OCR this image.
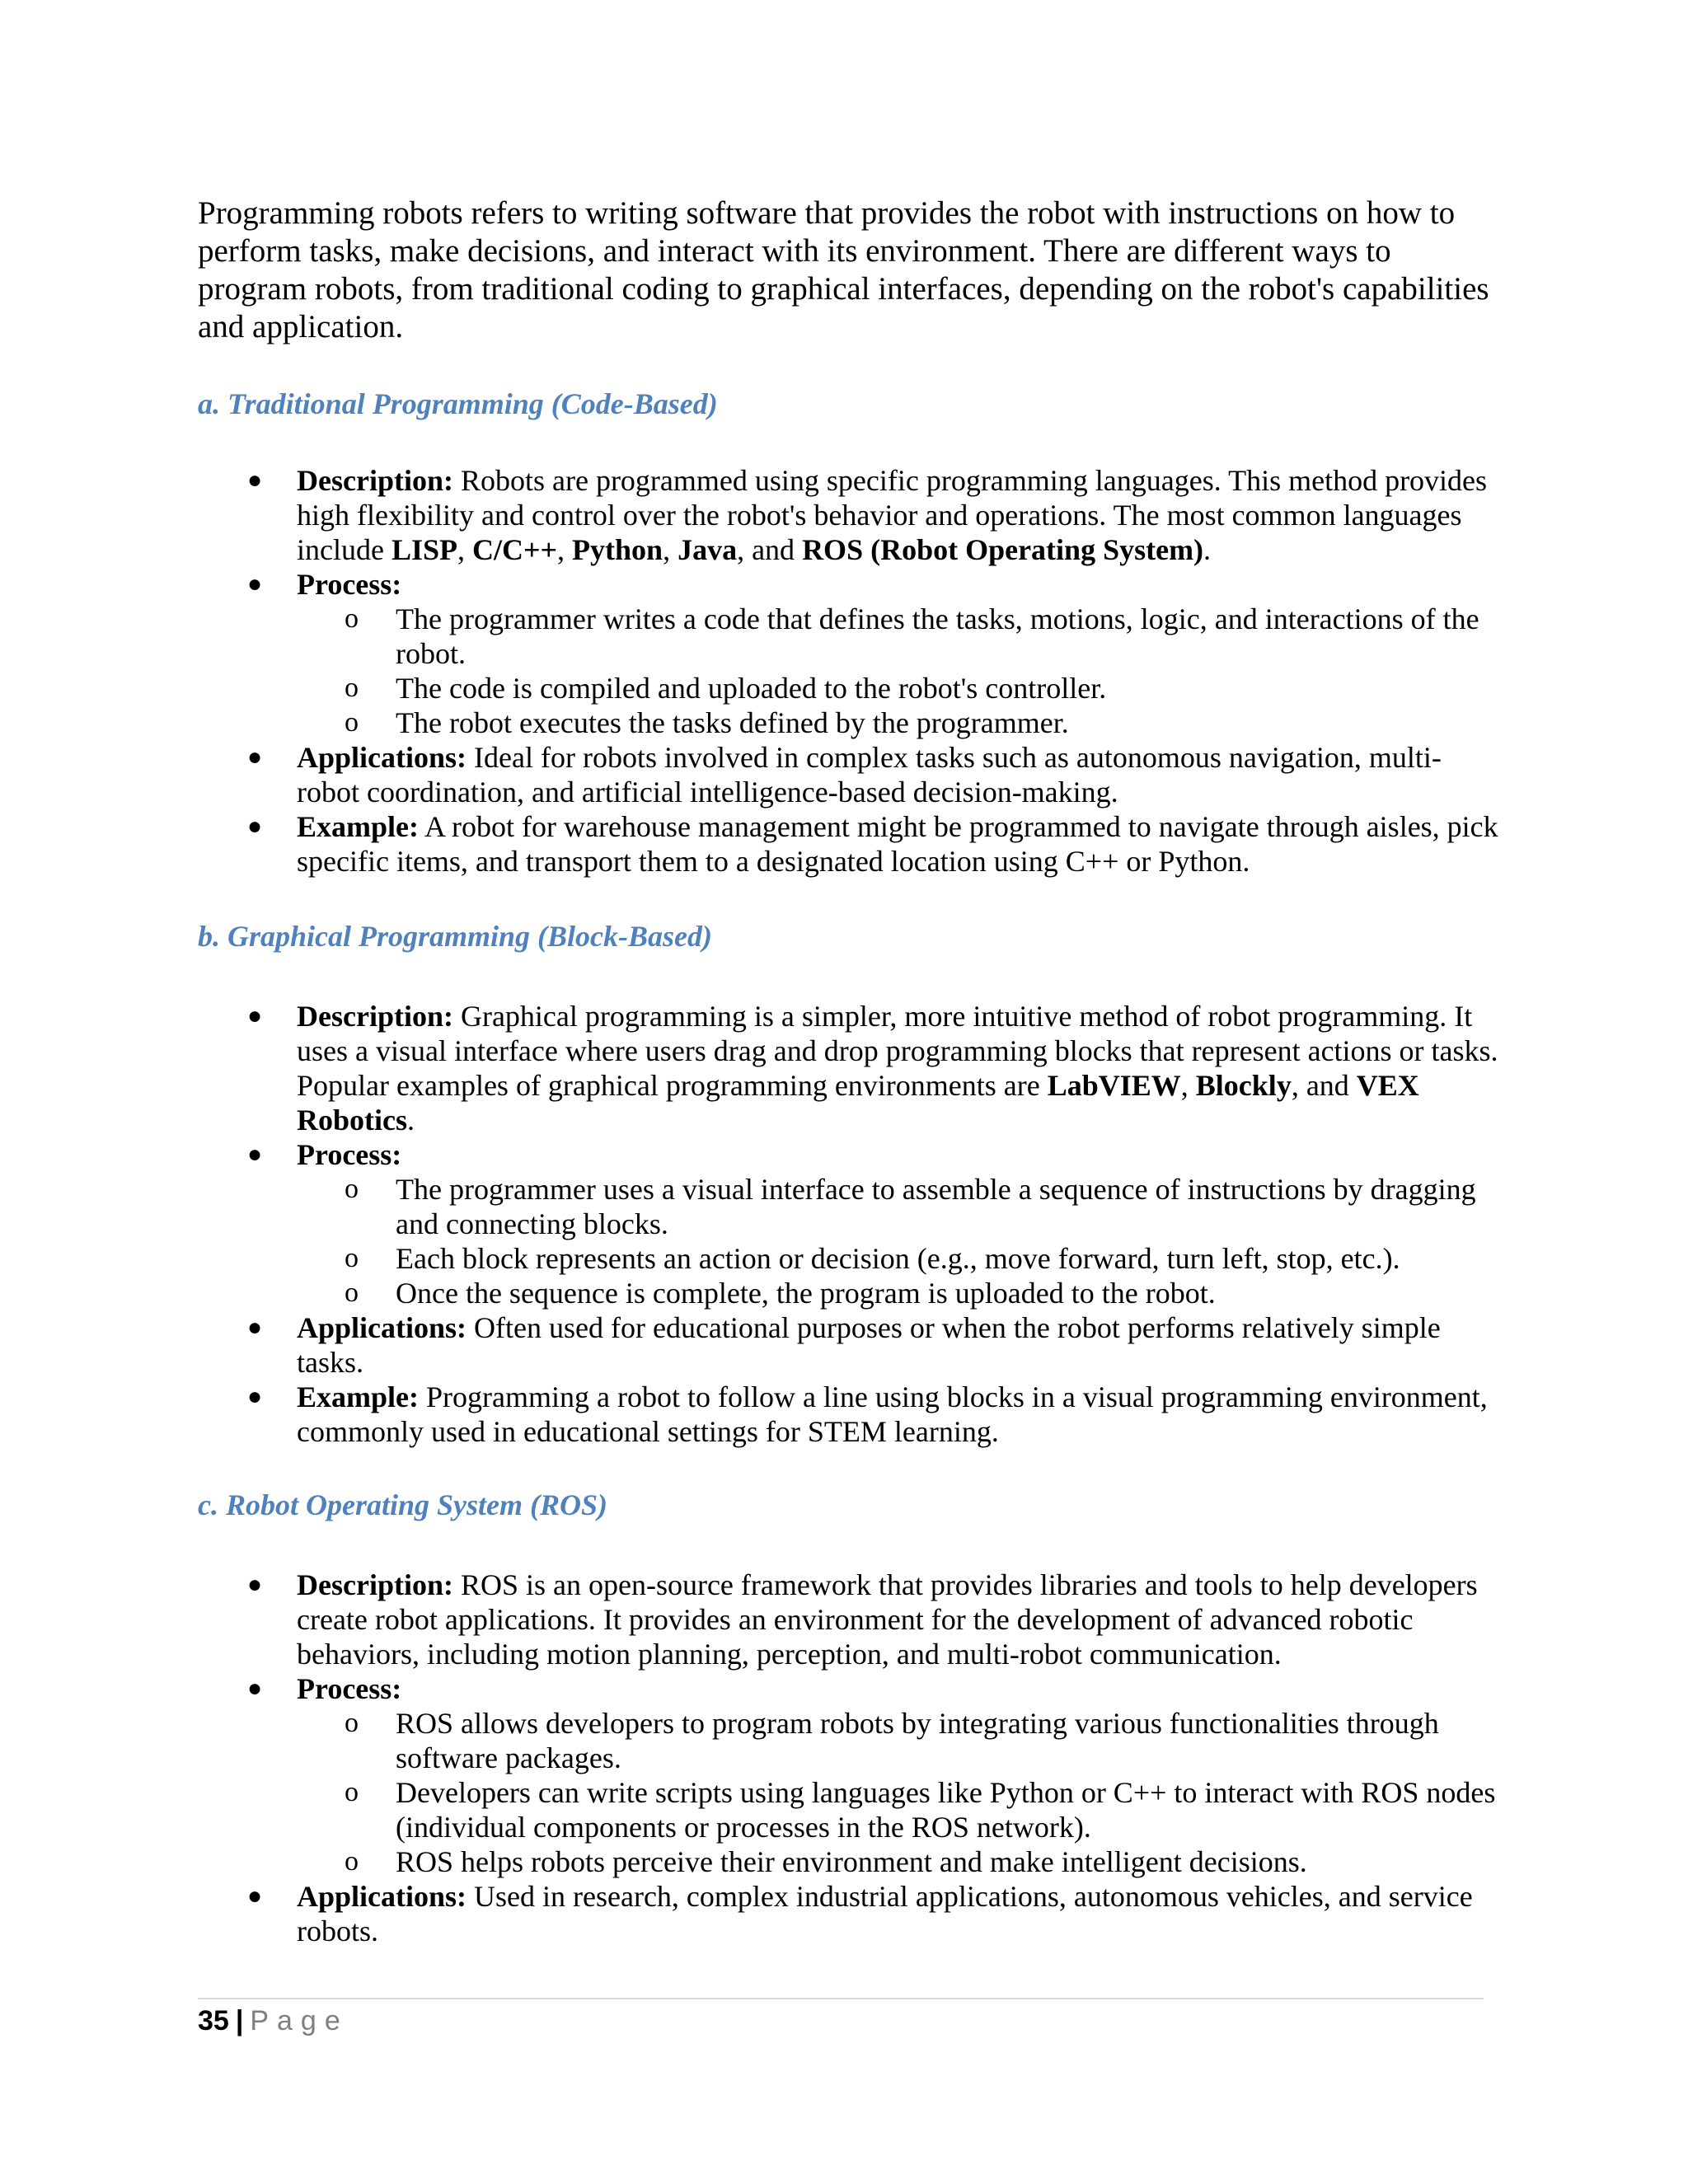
Programming robots refers to writing software that provides the robot with instructions on how to perform tasks, make decisions, and interact with its environment. There are different ways to program robots, from traditional coding to graphical interfaces, depending on the robot's capabilities and application.

a. Traditional Programming (Code-Based)
●	Description: Robots are programmed using specific programming languages. This method provides high flexibility and control over the robot's behavior and operations. The most common languages include LISP, C/C++, Python, Java, and ROS (Robot Operating System).
●	Process:
o	The programmer writes a code that defines the tasks, motions, logic, and interactions of the robot.
o	The code is compiled and uploaded to the robot's controller.
o	The robot executes the tasks defined by the programmer.
●	Applications: Ideal for robots involved in complex tasks such as autonomous navigation, multi-robot coordination, and artificial intelligence-based decision-making.
●	Example: A robot for warehouse management might be programmed to navigate through aisles, pick specific items, and transport them to a designated location using C++ or Python.
b. Graphical Programming (Block-Based)
●	Description: Graphical programming is a simpler, more intuitive method of robot programming. It uses a visual interface where users drag and drop programming blocks that represent actions or tasks. Popular examples of graphical programming environments are LabVIEW, Blockly, and VEX Robotics.
●	Process:
o	The programmer uses a visual interface to assemble a sequence of instructions by dragging and connecting blocks.
o	Each block represents an action or decision (e.g., move forward, turn left, stop, etc.).
o	Once the sequence is complete, the program is uploaded to the robot.
●	Applications: Often used for educational purposes or when the robot performs relatively simple tasks.
●	Example: Programming a robot to follow a line using blocks in a visual programming environment, commonly used in educational settings for STEM learning.
c. Robot Operating System (ROS)
●	Description: ROS is an open-source framework that provides libraries and tools to help developers create robot applications. It provides an environment for the development of advanced robotic behaviors, including motion planning, perception, and multi-robot communication.
●	Process:
o	ROS allows developers to program robots by integrating various functionalities through software packages.
o	Developers can write scripts using languages like Python or C++ to interact with ROS nodes (individual components or processes in the ROS network).
o	ROS helps robots perceive their environment and make intelligent decisions.
●	Applications: Used in research, complex industrial applications, autonomous vehicles, and service robots.
35 | Page
